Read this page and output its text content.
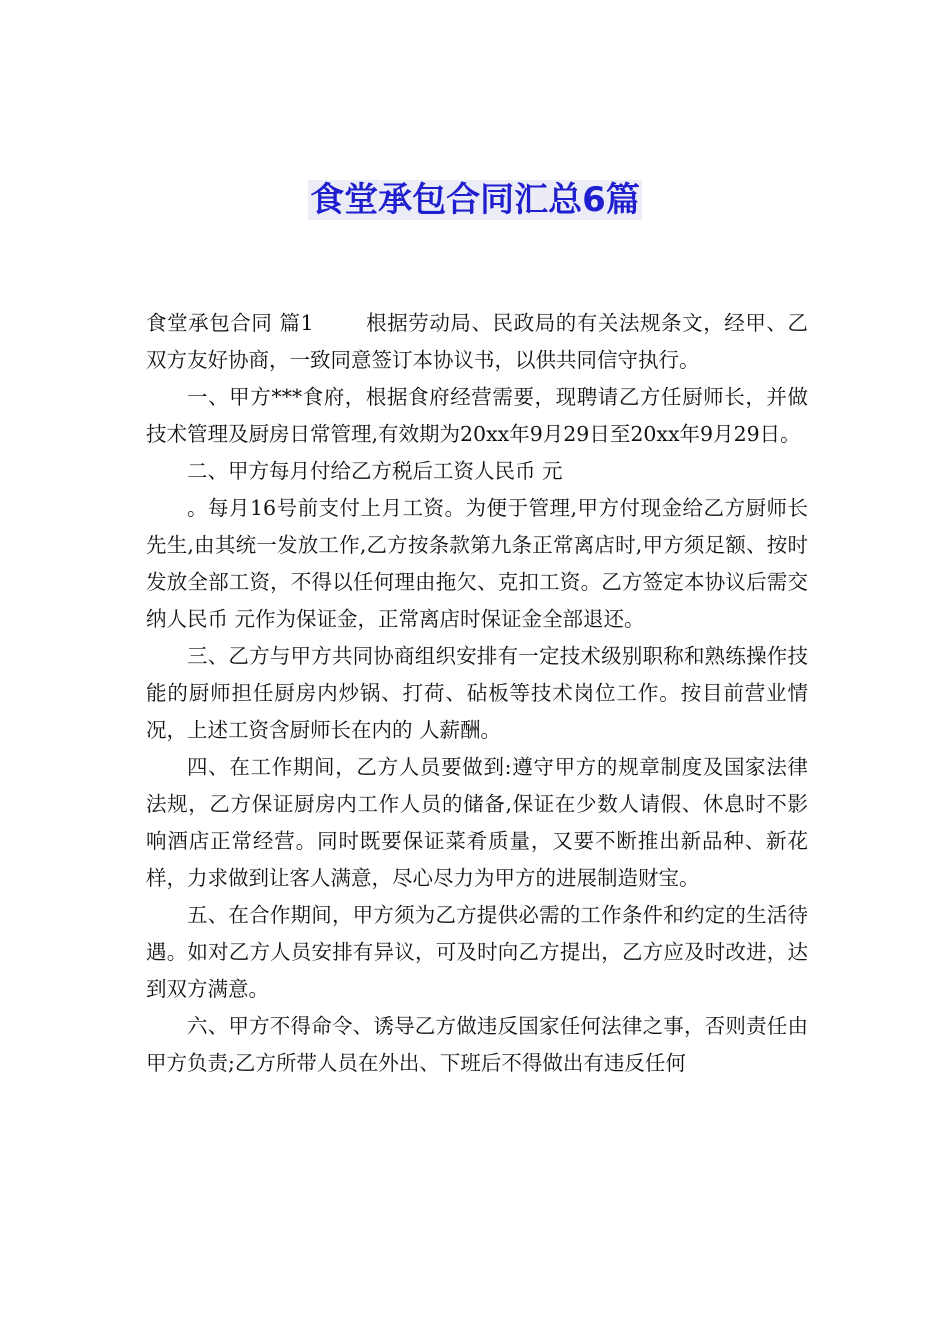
食堂承包合同汇总6篇

食堂承包合同 篇1	根据劳动局、民政局的有关法规条文，经甲、乙双方友好协商，一致同意签订本协议书，以供共同信守执行。

一、甲方***食府，根据食府经营需要，现聘请乙方任厨师长，并做技术管理及厨房日常管理,有效期为20xx年9月29日至20xx年9月29日。

二、甲方每月付给乙方税后工资人民币 元

。每月16号前支付上月工资。为便于管理,甲方付现金给乙方厨师长 先生,由其统一发放工作,乙方按条款第九条正常离店时,甲方须足额、按时发放全部工资，不得以任何理由拖欠、克扣工资。乙方签定本协议后需交纳人民币 元作为保证金，正常离店时保证金全部退还。

三、乙方与甲方共同协商组织安排有一定技术级别职称和熟练操作技能的厨师担任厨房内炒锅、打荷、砧板等技术岗位工作。按目前营业情况，上述工资含厨师长在内的 人薪酬。

四、在工作期间，乙方人员要做到:遵守甲方的规章制度及国家法律法规，乙方保证厨房内工作人员的储备,保证在少数人请假、休息时不影响酒店正常经营。同时既要保证菜肴质量，又要不断推出新品种、新花样，力求做到让客人满意，尽心尽力为甲方的进展制造财宝。

五、在合作期间，甲方须为乙方提供必需的工作条件和约定的生活待遇。如对乙方人员安排有异议，可及时向乙方提出，乙方应及时改进，达到双方满意。

六、甲方不得命令、诱导乙方做违反国家任何法律之事，否则责任由甲方负责;乙方所带人员在外出、下班后不得做出有违反任何
